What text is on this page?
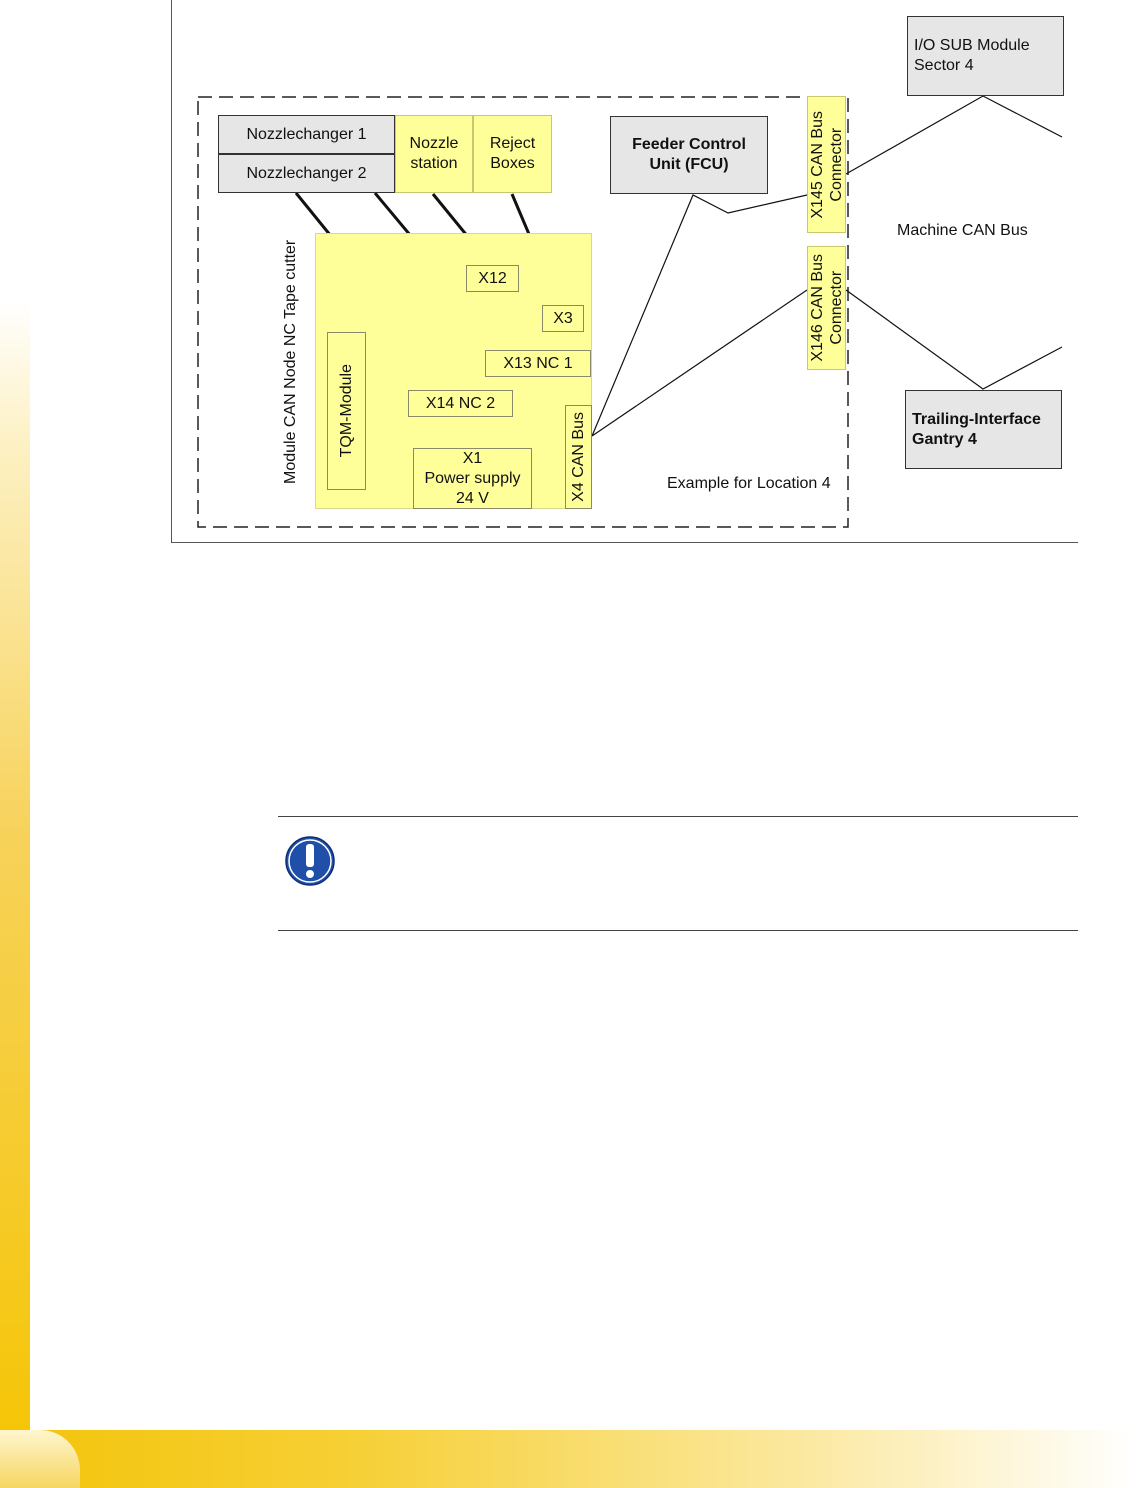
I/O SUB Module
Sector 4
Nozzlechanger 1
Nozzlechanger 2
Nozzle
station
Reject
Boxes
Feeder Control
Unit (FCU)
X145 CAN Bus
Connector
X146 CAN Bus
Connector
Machine CAN Bus
Module CAN Node NC Tape cutter	X12
X3
X13 NC 1
X14 NC 2
TQM-Module
X1
Power supply
24 V	X4 CAN Bus	Example for Location 4
Trailing-Interface
Gantry 4
